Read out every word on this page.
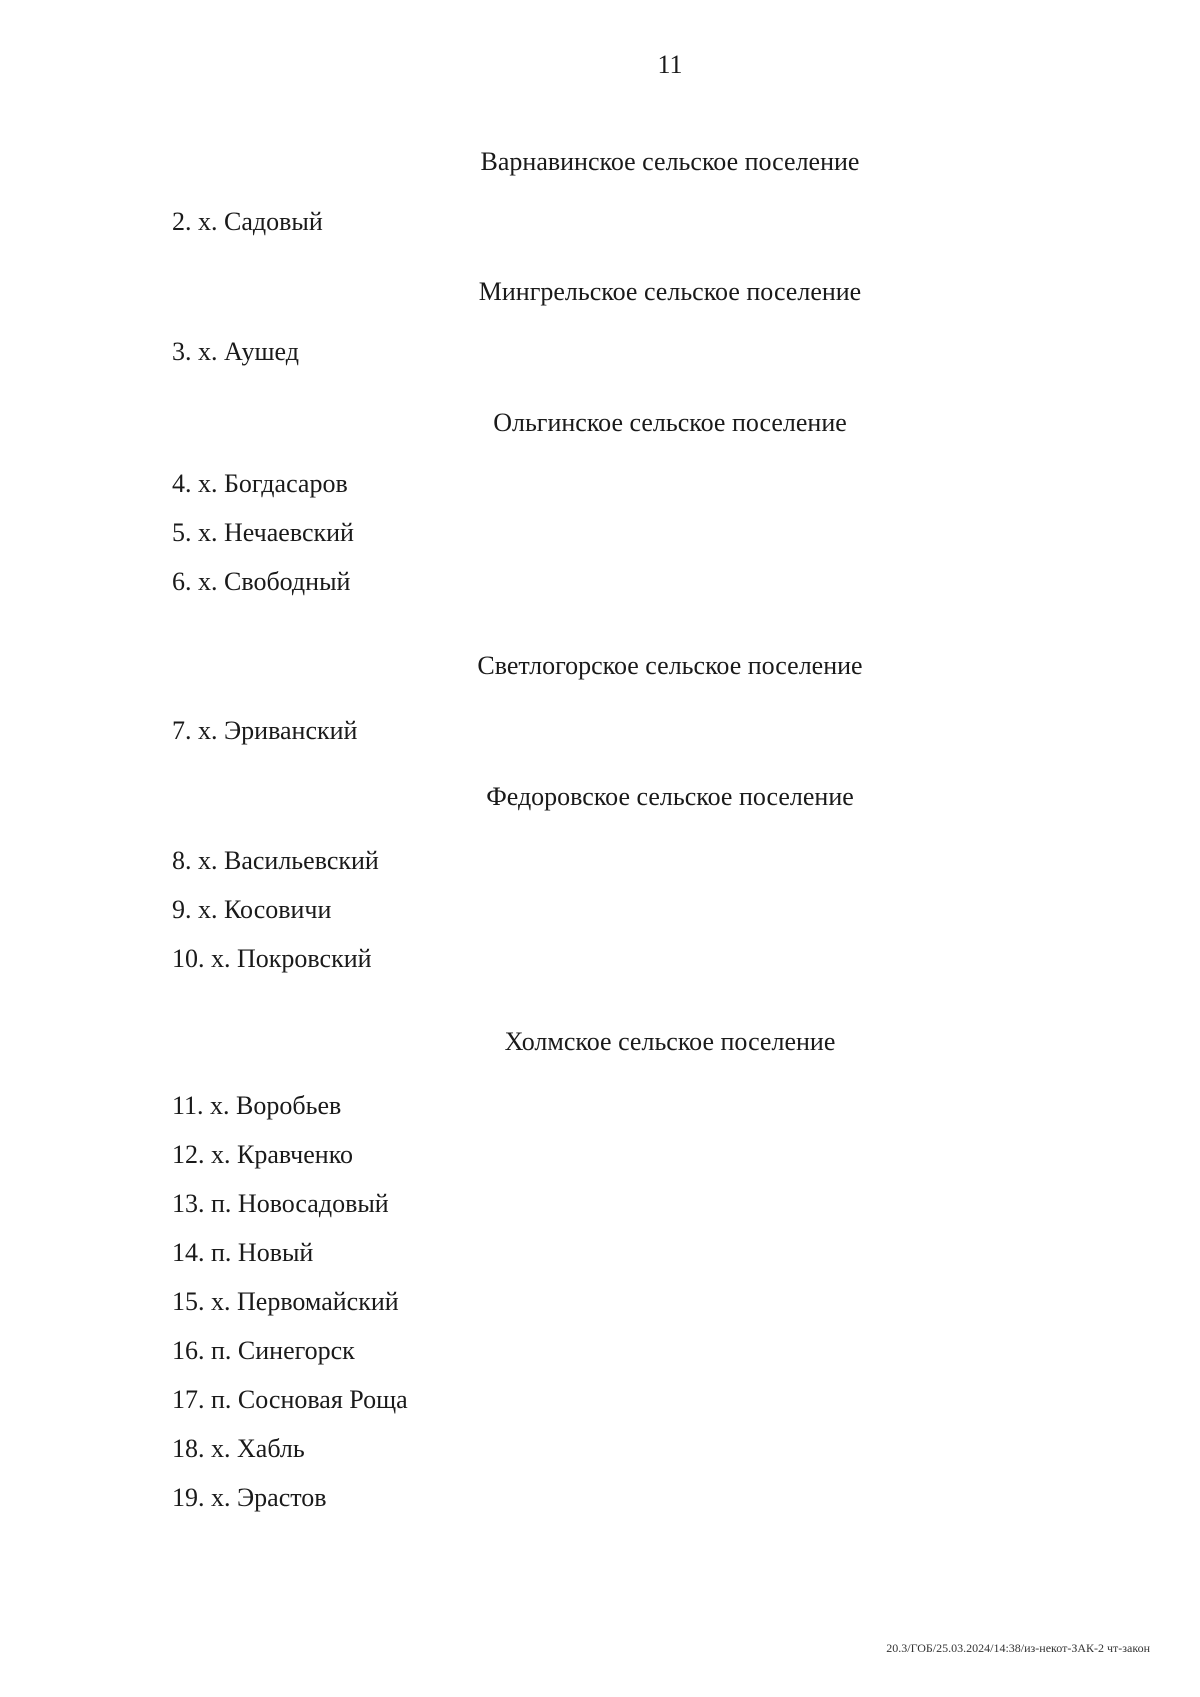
11
Варнавинское сельское поселение
2. х. Садовый
Мингрельское сельское поселение
3. х. Аушед
Ольгинское сельское поселение
4. х. Богдасаров
5. х. Нечаевский
6. х. Свободный
Светлогорское сельское поселение
7. х. Эриванский
Федоровское сельское поселение
8. х. Васильевский
9. х. Косовичи
10. х. Покровский
Холмское сельское поселение
11. х. Воробьев
12. х. Кравченко
13. п. Новосадовый
14. п. Новый
15. х. Первомайский
16. п. Синегорск
17. п. Сосновая Роща
18. х. Хабль
19. х. Эрастов
20.3/ГОБ/25.03.2024/14:38/из-некот-ЗАК-2 чт-закон
